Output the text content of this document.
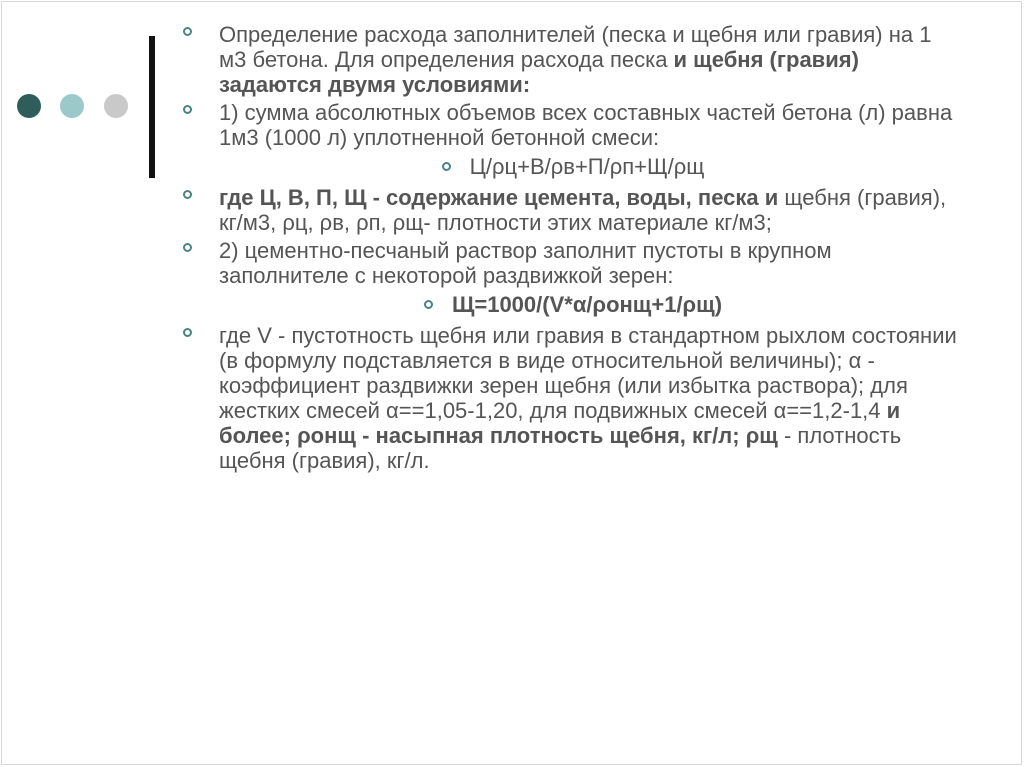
Определение расхода заполнителей (песка и щебня или гравия) на 1 м3 бетона. Для определения расхода песка и щебня (гравия) задаются двумя условиями:
1) сумма абсолютных объемов всех составных частей бетона (л) равна 1м3 (1000 л) уплотненной бетонной смеси:
Ц/ρц+В/ρв+П/ρп+Щ/ρщ
где Ц, В, П, Щ - содержание цемента, воды, песка и щебня (гравия), кг/м3, ρц, ρв, ρп, ρщ- плотности этих материале кг/м3;
2) цементно-песчаный раствор заполнит пустоты в крупном заполнителе с некоторой раздвижкой зерен:
Щ=1000/(V*α/ρонщ+1/ρщ)
где V - пустотность щебня или гравия в стандартном рыхлом состоянии (в формулу подставляется в виде относительной величины); α - коэффициент раздвижки зерен щебня (или избытка раствора); для жестких смесей α==1,05-1,20, для подвижных смесей α==1,2-1,4 и более; ρонщ - насыпная плотность щебня, кг/л; ρщ - плотность щебня (гравия), кг/л.
